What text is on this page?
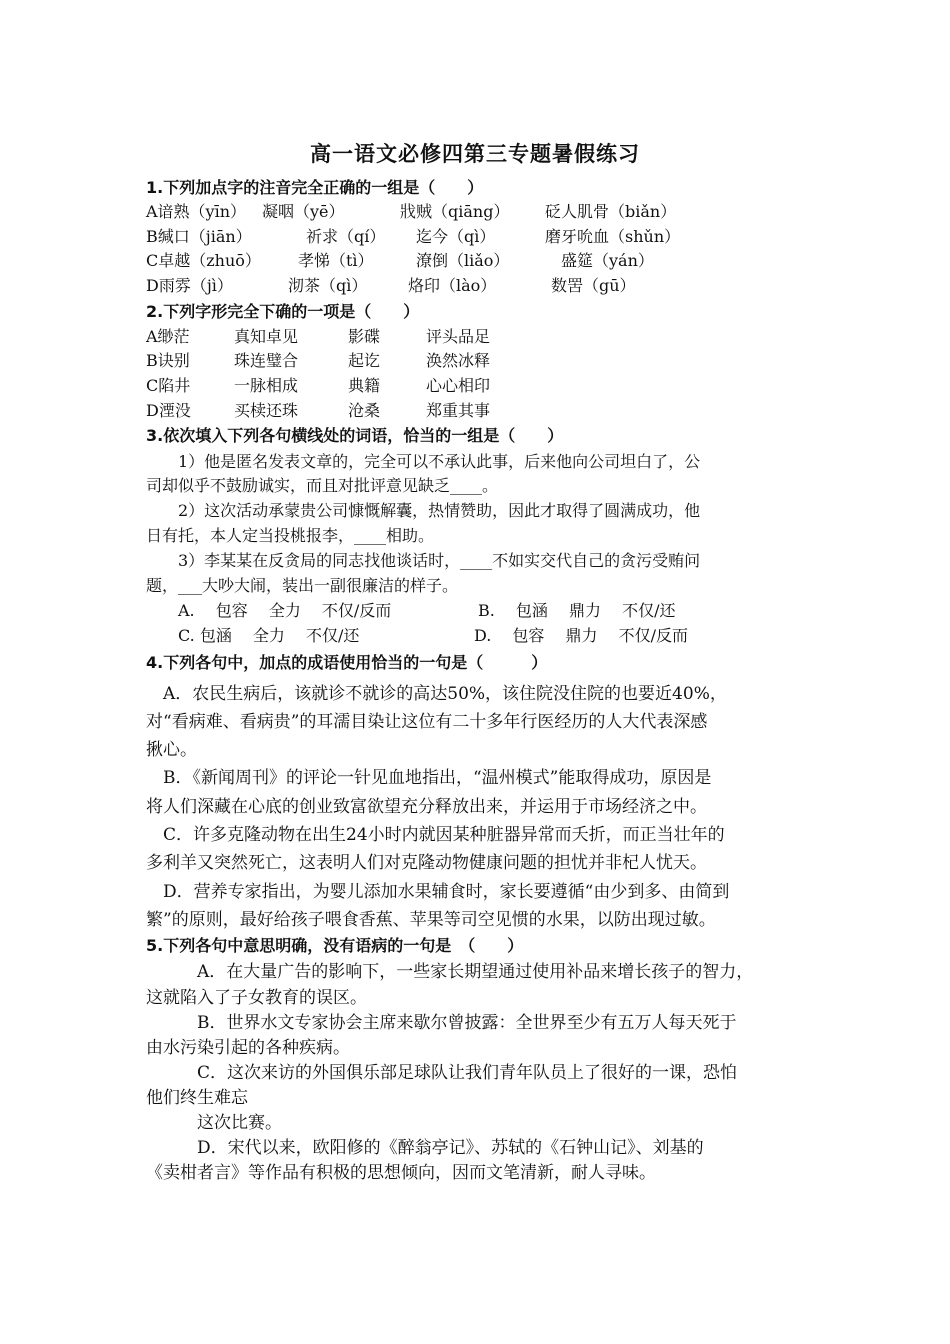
高一语文必修四第三专题暑假练习
1.下列加点字的注音完全正确的一组是（　　）
A谙熟（yīn） 凝咽（yē）	戕贼（qiāng） 砭人肌骨（biǎn）
B缄口（jiān）	祈求（qí） 迄今（qì）	磨牙吮血（shǔn）
C卓越（zhuō） 孝悌（tì）	潦倒（liǎo）	盛筵（yán）
D雨雰（jì）	沏茶（qì）	烙印（lào）	数罟（gū）
2.下列字形完全下确的一项是（　　）
A缈茫	真知卓见	影碟	评头品足
B诀别	珠连璧合	起讫	涣然冰释
C陷井	一脉相成	典籍	心心相印
D湮没	买椟还珠	沧桑	郑重其事
3.依次填入下列各句横线处的词语，恰当的一组是（　　）
　　1）他是匿名发表文章的，完全可以不承认此事，后来他向公司坦白了，公
司却似乎不鼓励诚实，而且对批评意见缺乏____。
　　2）这次活动承蒙贵公司慷慨解囊，热情赞助，因此才取得了圆满成功，他
日有托，本人定当投桃报李，____相助。
　　3）李某某在反贪局的同志找他谈话时，____不如实交代自己的贪污受贿问
题，___大吵大闹，装出一副很廉洁的样子。
　　A.　 包容　 全力　 不仅/反而	B.　 包涵　 鼎力　 不仅/还
　　C. 包涵　 全力　 不仅/还	D.　 包容　 鼎力　 不仅/反而
4.下列各句中，加点的成语使用恰当的一句是（　　　）
　A．农民生病后，该就诊不就诊的高达50%，该住院没住院的也要近40%，
对“看病难、看病贵”的耳濡目染让这位有二十多年行医经历的人大代表深感
揪心。
　B．《新闻周刊》的评论一针见血地指出，“温州模式”能取得成功，原因是
将人们深藏在心底的创业致富欲望充分释放出来，并运用于市场经济之中。
　C．许多克隆动物在出生24小时内就因某种脏器异常而夭折，而正当壮年的
多利羊又突然死亡，这表明人们对克隆动物健康问题的担忧并非杞人忧天。
　D．营养专家指出，为婴儿添加水果辅食时，家长要遵循“由少到多、由简到
繁”的原则，最好给孩子喂食香蕉、苹果等司空见惯的水果，以防出现过敏。
5.下列各句中意思明确，没有语病的一句是　（　　）
　　　A．在大量广告的影响下，一些家长期望通过使用补品来增长孩子的智力，
这就陷入了子女教育的误区。
　　　B．世界水文专家协会主席来歇尔曾披露：全世界至少有五万人每天死于
由水污染引起的各种疾病。
　　　C．这次来访的外国俱乐部足球队让我们青年队员上了很好的一课，恐怕
他们终生难忘
　　　这次比赛。
　　　D．宋代以来，欧阳修的《醉翁亭记》、苏轼的《石钟山记》、刘基的
《卖柑者言》等作品有积极的思想倾向，因而文笔清新，耐人寻味。
